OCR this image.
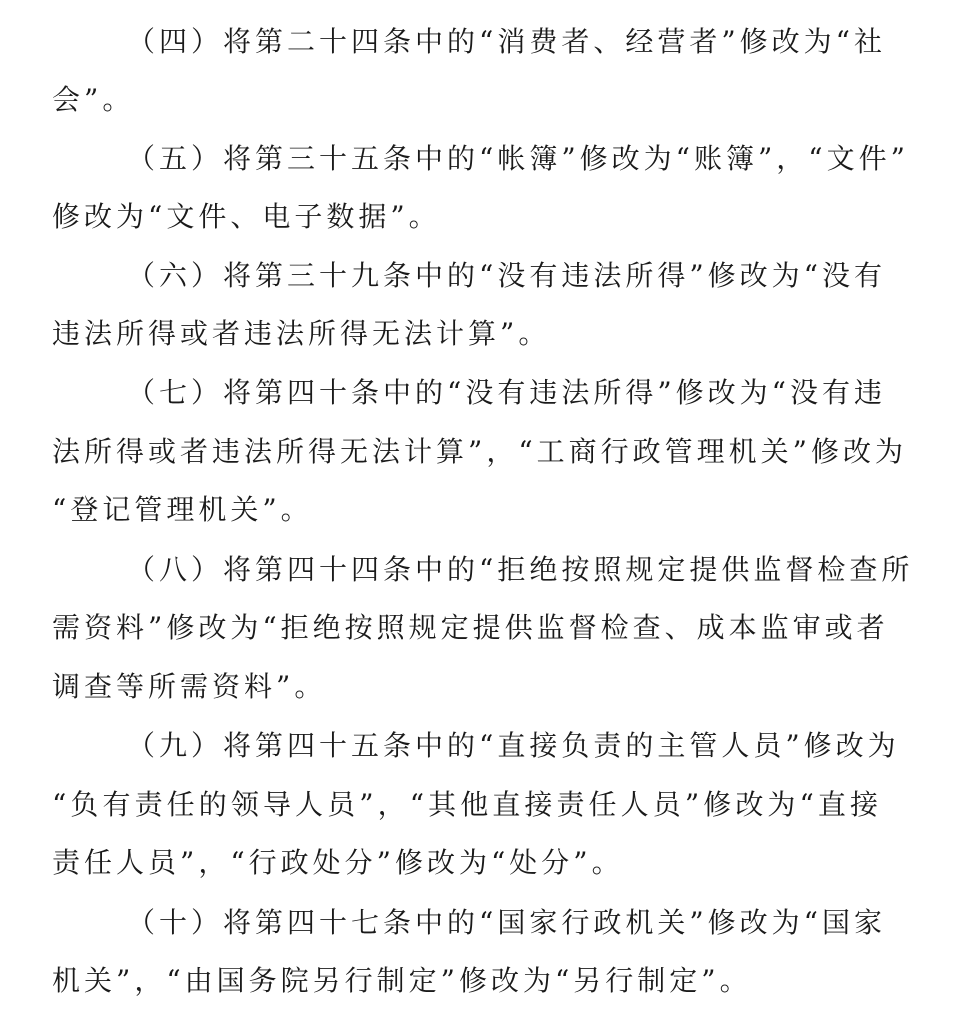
（四）将第二十四条中的“消费者、经营者”修改为“社
会”。
（五）将第三十五条中的“帐簿”修改为“账簿”，“文件”
修改为“文件、电子数据”。
（六）将第三十九条中的“没有违法所得”修改为“没有
违法所得或者违法所得无法计算”。
（七）将第四十条中的“没有违法所得”修改为“没有违
法所得或者违法所得无法计算”，“工商行政管理机关”修改为
“登记管理机关”。
（八）将第四十四条中的“拒绝按照规定提供监督检查所
需资料”修改为“拒绝按照规定提供监督检查、成本监审或者
调查等所需资料”。
（九）将第四十五条中的“直接负责的主管人员”修改为
“负有责任的领导人员”，“其他直接责任人员”修改为“直接
责任人员”，“行政处分”修改为“处分”。
（十）将第四十七条中的“国家行政机关”修改为“国家
机关”，“由国务院另行制定”修改为“另行制定”。
